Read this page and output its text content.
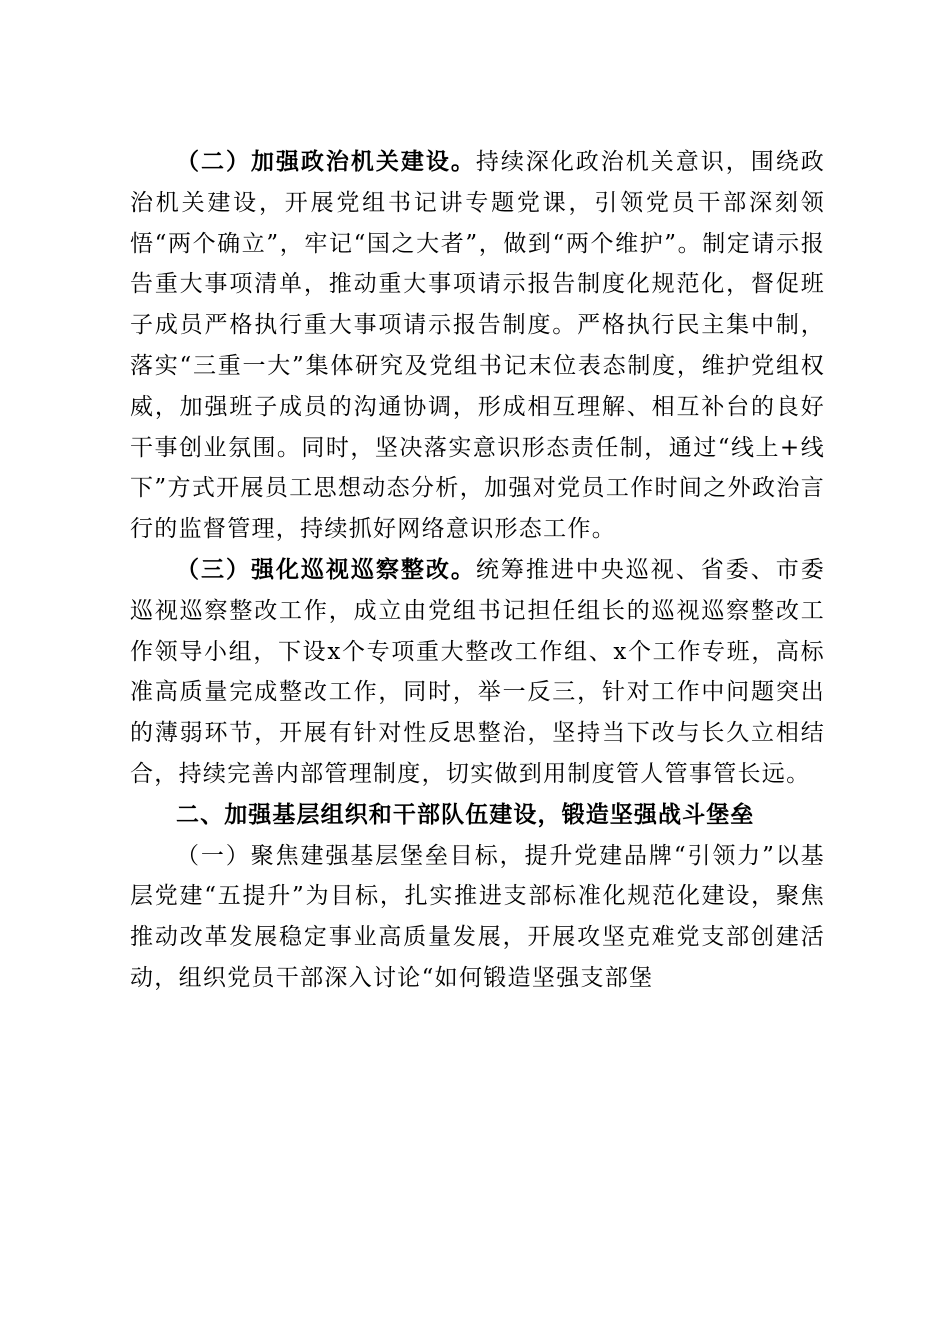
（二）加强政治机关建设。持续深化政治机关意识，围绕政治机关建设，开展党组书记讲专题党课，引领党员干部深刻领悟“两个确立”，牢记“国之大者”，做到“两个维护”。制定请示报告重大事项清单，推动重大事项请示报告制度化规范化，督促班子成员严格执行重大事项请示报告制度。严格执行民主集中制，落实“三重一大”集体研究及党组书记末位表态制度，维护党组权威，加强班子成员的沟通协调，形成相互理解、相互补台的良好干事创业氛围。同时，坚决落实意识形态责任制，通过“线上+线下”方式开展员工思想动态分析，加强对党员工作时间之外政治言行的监督管理，持续抓好网络意识形态工作。

（三）强化巡视巡察整改。统筹推进中央巡视、省委、市委巡视巡察整改工作，成立由党组书记担任组长的巡视巡察整改工作领导小组，下设x个专项重大整改工作组、x个工作专班，高标准高质量完成整改工作，同时，举一反三，针对工作中问题突出的薄弱环节，开展有针对性反思整治，坚持当下改与长久立相结合，持续完善内部管理制度，切实做到用制度管人管事管长远。

二、加强基层组织和干部队伍建设，锻造坚强战斗堡垒

（一）聚焦建强基层堡垒目标，提升党建品牌“引领力”以基层党建“五提升”为目标，扎实推进支部标准化规范化建设，聚焦推动改革发展稳定事业高质量发展，开展攻坚克难党支部创建活动，组织党员干部深入讨论“如何锻造坚强支部堡
